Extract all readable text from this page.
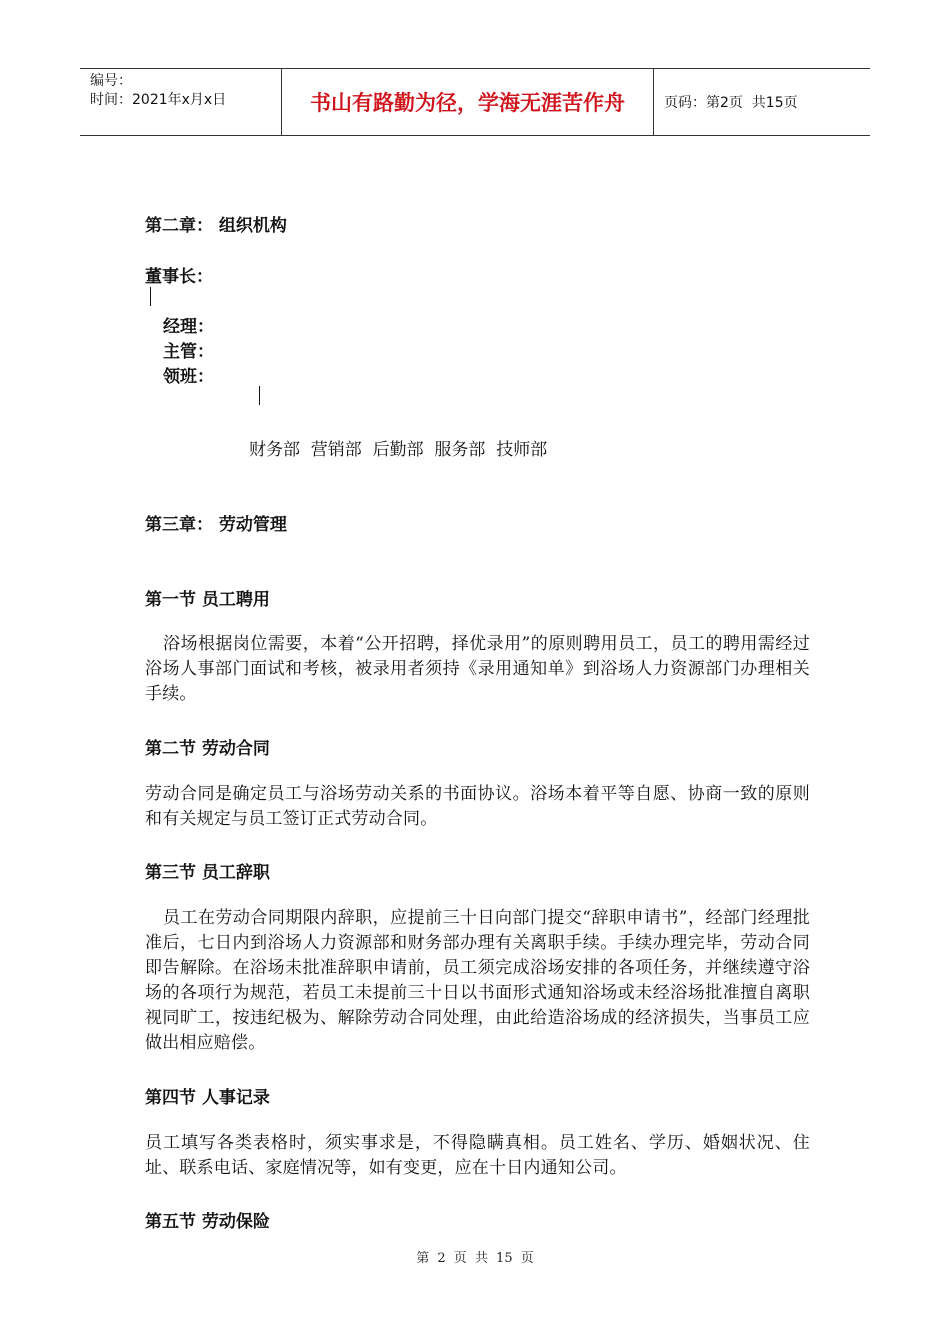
编号：
时间：2021年x月x日	书山有路勤为径，学海无涯苦作舟	页码：第2页  共15页
第二章： 组织机构
董事长：
经理：
主管：
领班：
财务部  营销部  后勤部  服务部  技师部
第三章： 劳动管理
第一节 员工聘用
浴场根据岗位需要，本着“公开招聘，择优录用”的原则聘用员工，员工的聘用需经过浴场人事部门面试和考核，被录用者须持《录用通知单》到浴场人力资源部门办理相关手续。
第二节 劳动合同
劳动合同是确定员工与浴场劳动关系的书面协议。浴场本着平等自愿、协商一致的原则和有关规定与员工签订正式劳动合同。
第三节 员工辞职
员工在劳动合同期限内辞职，应提前三十日向部门提交“辞职申请书”，经部门经理批准后，七日内到浴场人力资源部和财务部办理有关离职手续。手续办理完毕，劳动合同即告解除。在浴场未批准辞职申请前，员工须完成浴场安排的各项任务，并继续遵守浴场的各项行为规范，若员工未提前三十日以书面形式通知浴场或未经浴场批准擅自离职视同旷工，按违纪极为、解除劳动合同处理，由此给造浴场成的经济损失，当事员工应做出相应赔偿。
第四节 人事记录
员工填写各类表格时，须实事求是，不得隐瞒真相。员工姓名、学历、婚姻状况、住址、联系电话、家庭情况等，如有变更，应在十日内通知公司。
第五节 劳动保险
第 2 页 共 15 页
